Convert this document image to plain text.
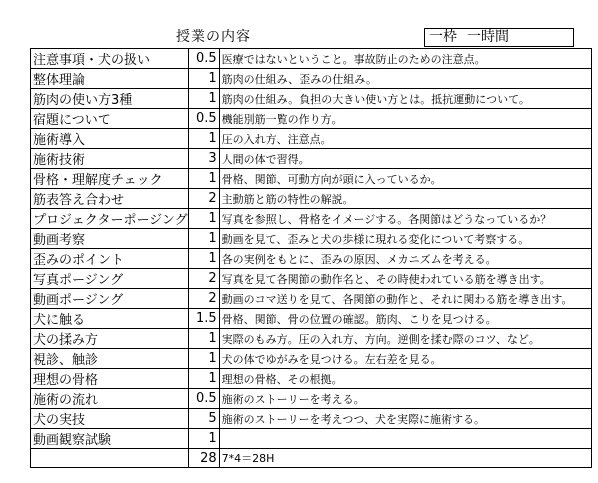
授業の内容	一枠 一時間
注意事項・犬の扱い	0.5	医療ではないということ。事故防止のための注意点。
整体理論	1	筋肉の仕組み、歪みの仕組み。
筋肉の使い方3種	1	筋肉の仕組み。負担の大きい使い方とは。抵抗運動について。
宿題について	0.5	機能別筋一覧の作り方。
施術導入	1	圧の入れ方、注意点。
施術技術	3	人間の体で習得。
骨格・理解度チェック	1	骨格、関節、可動方向が頭に入っているか。
筋表答え合わせ	2	主動筋と筋の特性の解説。
プロジェクターポージング	1	写真を参照し、骨格をイメージする。各関節はどうなっているか？
動画考察	1	動画を見て、歪みと犬の歩様に現れる変化について考察する。
歪みのポイント	1	各の実例をもとに、歪みの原因、メカニズムを考える。
写真ポージング	2	写真を見て各関節の動作名と、その時使われている筋を導き出す。
動画ポージング	2	動画のコマ送りを見て、各関節の動作と、それに関わる筋を導き出す。
犬に触る	1.5	骨格、関節、骨の位置の確認。筋肉、こりを見つける。
犬の揉み方	1	実際のもみ方。圧の入れ方、方向。逆側を揉む際のコツ、など。
視診、触診	1	犬の体でゆがみを見つける。左右差を見る。
理想の骨格	1	理想の骨格、その根拠。
施術の流れ	0.5	施術のストーリーを考える。
犬の実技	5	施術のストーリーを考えつつ、犬を実際に施術する。
動画観察試験	1	
	28	7*4＝28H
